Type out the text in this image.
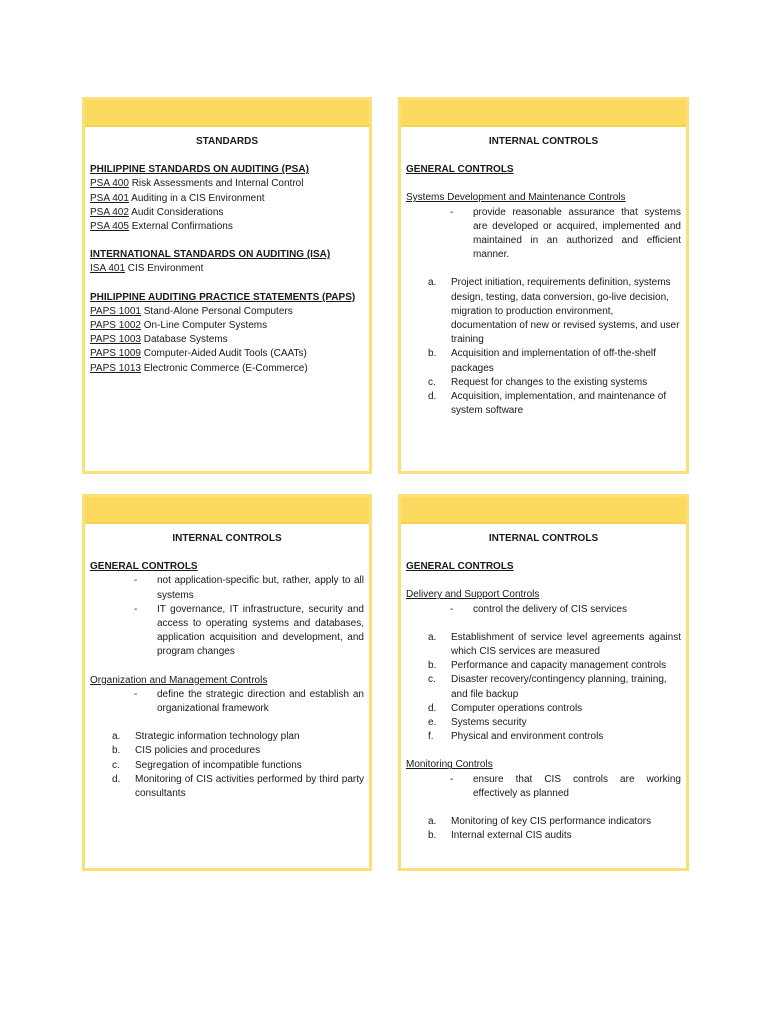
STANDARDS
PHILIPPINE STANDARDS ON AUDITING (PSA)
PSA 400 Risk Assessments and Internal Control
PSA 401 Auditing in a CIS Environment
PSA 402 Audit Considerations
PSA 405 External Confirmations
INTERNATIONAL STANDARDS ON AUDITING (ISA)
ISA 401 CIS Environment
PHILIPPINE AUDITING PRACTICE STATEMENTS (PAPS)
PAPS 1001 Stand-Alone Personal Computers
PAPS 1002 On-Line Computer Systems
PAPS 1003 Database Systems
PAPS 1009 Computer-Aided Audit Tools (CAATs)
PAPS 1013 Electronic Commerce (E-Commerce)
INTERNAL CONTROLS
GENERAL CONTROLS
Systems Development and Maintenance Controls
- provide reasonable assurance that systems are developed or acquired, implemented and maintained in an authorized and efficient manner.
a. Project initiation, requirements definition, systems design, testing, data conversion, go-live decision, migration to production environment, documentation of new or revised systems, and user training
b. Acquisition and implementation of off-the-shelf packages
c. Request for changes to the existing systems
d. Acquisition, implementation, and maintenance of system software
INTERNAL CONTROLS
GENERAL CONTROLS
- not application-specific but, rather, apply to all systems
- IT governance, IT infrastructure, security and access to operating systems and databases, application acquisition and development, and program changes
Organization and Management Controls
- define the strategic direction and establish an organizational framework
a. Strategic information technology plan
b. CIS policies and procedures
c. Segregation of incompatible functions
d. Monitoring of CIS activities performed by third party consultants
INTERNAL CONTROLS
GENERAL CONTROLS
Delivery and Support Controls
- control the delivery of CIS services
a. Establishment of service level agreements against which CIS services are measured
b. Performance and capacity management controls
c. Disaster recovery/contingency planning, training, and file backup
d. Computer operations controls
e. Systems security
f. Physical and environment controls
Monitoring Controls
- ensure that CIS controls are working effectively as planned
a. Monitoring of key CIS performance indicators
b. Internal external CIS audits
